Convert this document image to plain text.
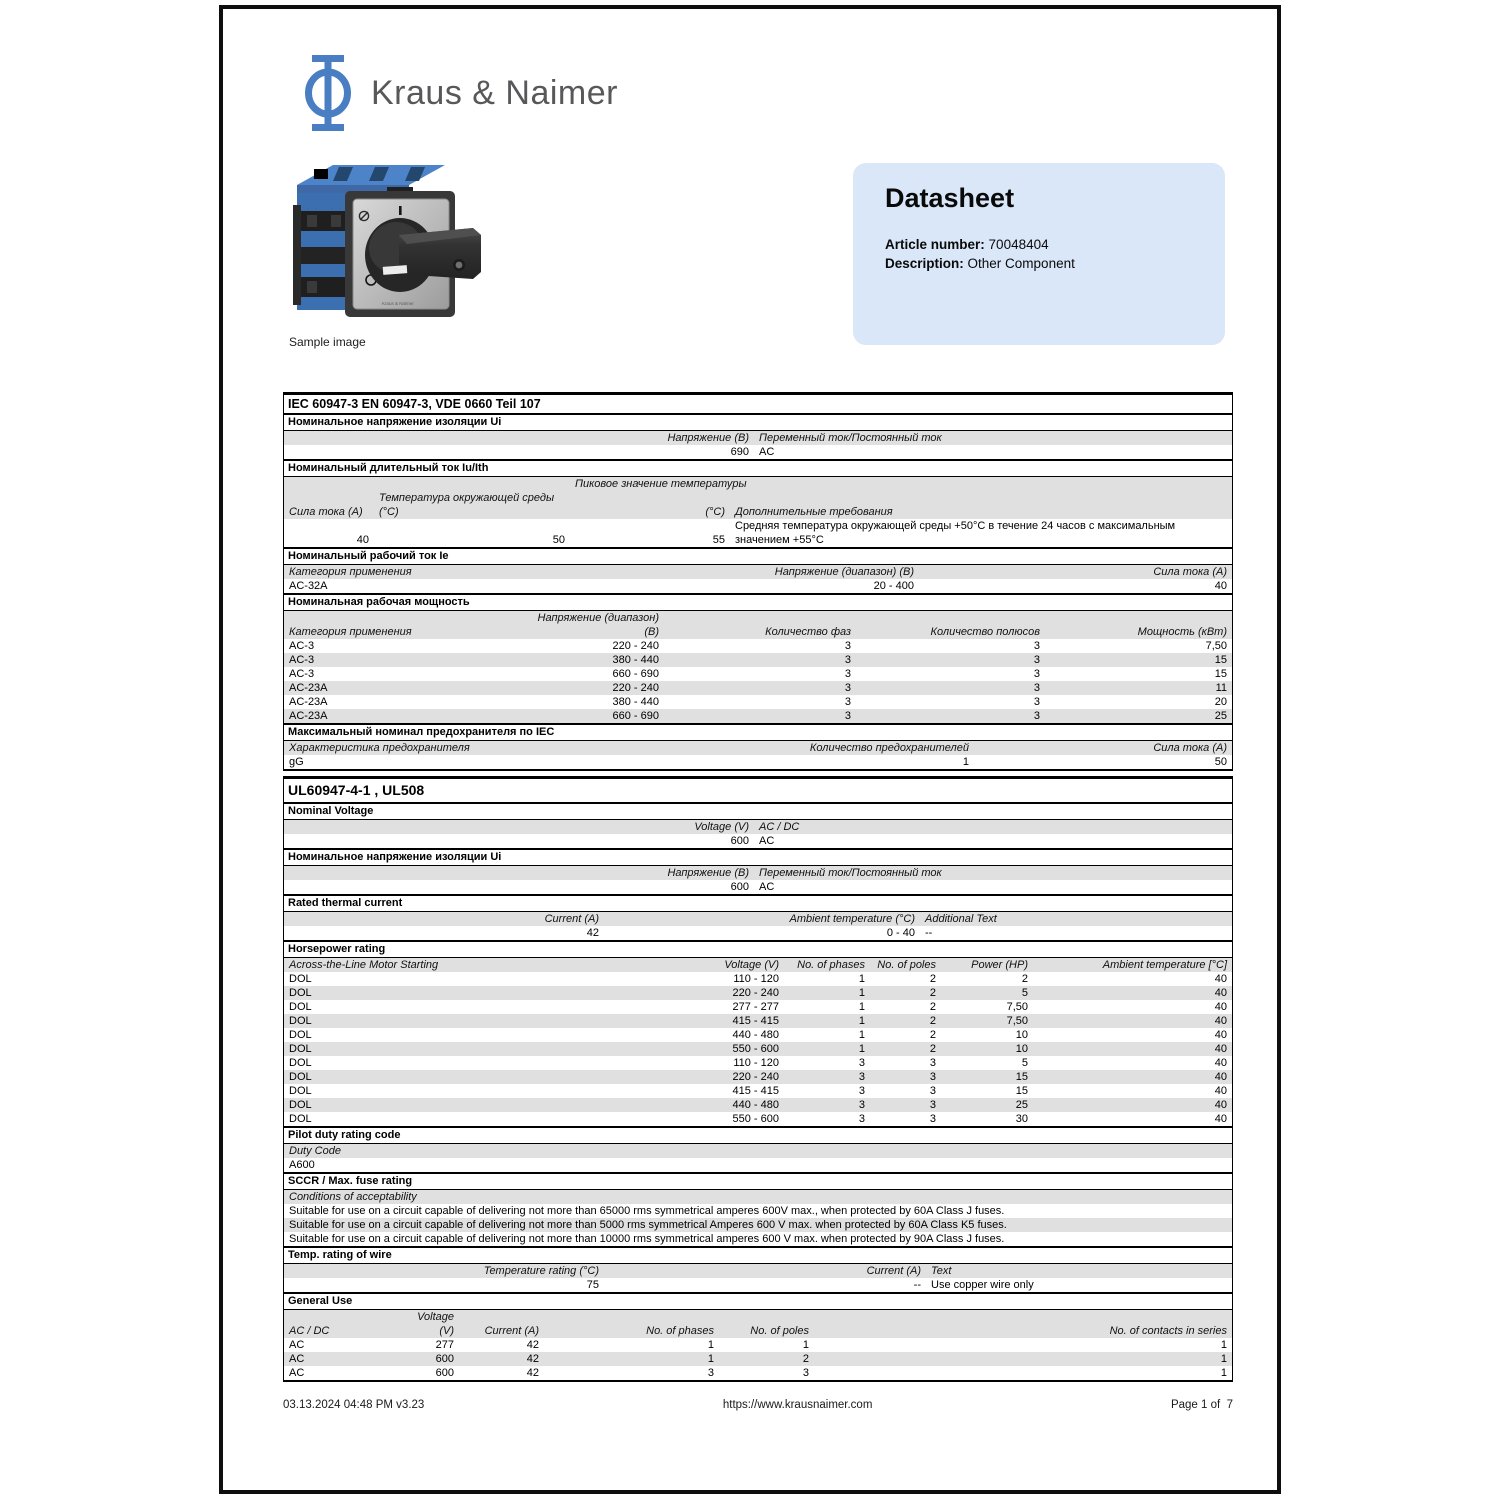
Kraus & Naimer
Kraus & Naimer
Sample image
Datasheet
Article number: 70048404
Description: Other Component
IEC 60947-3 EN 60947-3, VDE 0660 Teil 107
Номинальное напряжение изоляции Ui
Напряжение (В) Переменный ток/Постоянный ток
690 AC
Номинальный длительный ток Iu/Ith
Пиковое значение температуры
Сила тока (А)
Температура окружающей среды (°C)	(°C) Дополнительные требования
40	50	55
Средняя температура окружающей среды +50°C в течение 24 часов с максимальным значением +55°C
Номинальный рабочий ток Ie
Категория применения	Напряжение (диапазон) (В)	Сила тока (А)
AC-32A	20 - 400	40
Номинальная рабочая мощность
Категория применения
Напряжение (диапазон) (В)	Количество фаз	Количество полюсов	Мощность (кВт)
AC-3	220 - 240	3	3	7,50
AC-3	380 - 440	3	3	15
AC-3	660 - 690	3	3	15
AC-23A	220 - 240	3	3	11
AC-23A	380 - 440	3	3	20
AC-23A	660 - 690	3	3	25
Максимальный номинал предохранителя по IEC
Характеристика предохранителя	Количество предохранителей	Сила тока (А)
gG	1	50
UL60947-4-1 , UL508
Nominal Voltage
Voltage (V) AC / DC
600 AC
Номинальное напряжение изоляции Ui
Напряжение (В) Переменный ток/Постоянный ток
600 AC
Rated thermal current
Current (A)	Ambient temperature (°C) Additional Text
42	0 - 40 --
Horsepower rating
Across-the-Line Motor Starting	Voltage (V)	No. of phases	No. of poles	Power (HP)	Ambient temperature [°C]
DOL	110 - 120	1	2	2	40
DOL	220 - 240	1	2	5	40
DOL	277 - 277	1	2	7,50	40
DOL	415 - 415	1	2	7,50	40
DOL	440 - 480	1	2	10	40
DOL	550 - 600	1	2	10	40
DOL	110 - 120	3	3	5	40
DOL	220 - 240	3	3	15	40
DOL	415 - 415	3	3	15	40
DOL	440 - 480	3	3	25	40
DOL	550 - 600	3	3	30	40
Pilot duty rating code
Duty Code
A600
SCCR / Max. fuse rating
Conditions of acceptability
Suitable for use on a circuit capable of delivering not more than 65000 rms symmetrical amperes 600V max., when protected by 60A Class J fuses.
Suitable for use on a circuit capable of delivering not more than 5000 rms symmetrical Amperes 600 V max. when protected by 60A Class K5 fuses.
Suitable for use on a circuit capable of delivering not more than 10000 rms symmetrical amperes 600 V max. when protected by 90A Class J fuses.
Temp. rating of wire
Temperature rating (°C)	Current (A) Text
75	-- Use copper wire only
General Use
AC / DC
Voltage (V)	Current (A)	No. of phases	No. of poles	No. of contacts in series
AC	277	42	1	1	1
AC	600	42	1	2	1
AC	600	42	3	3	1
03.13.2024 04:48 PM v3.23	https://www.krausnaimer.com	Page 1 of  7
